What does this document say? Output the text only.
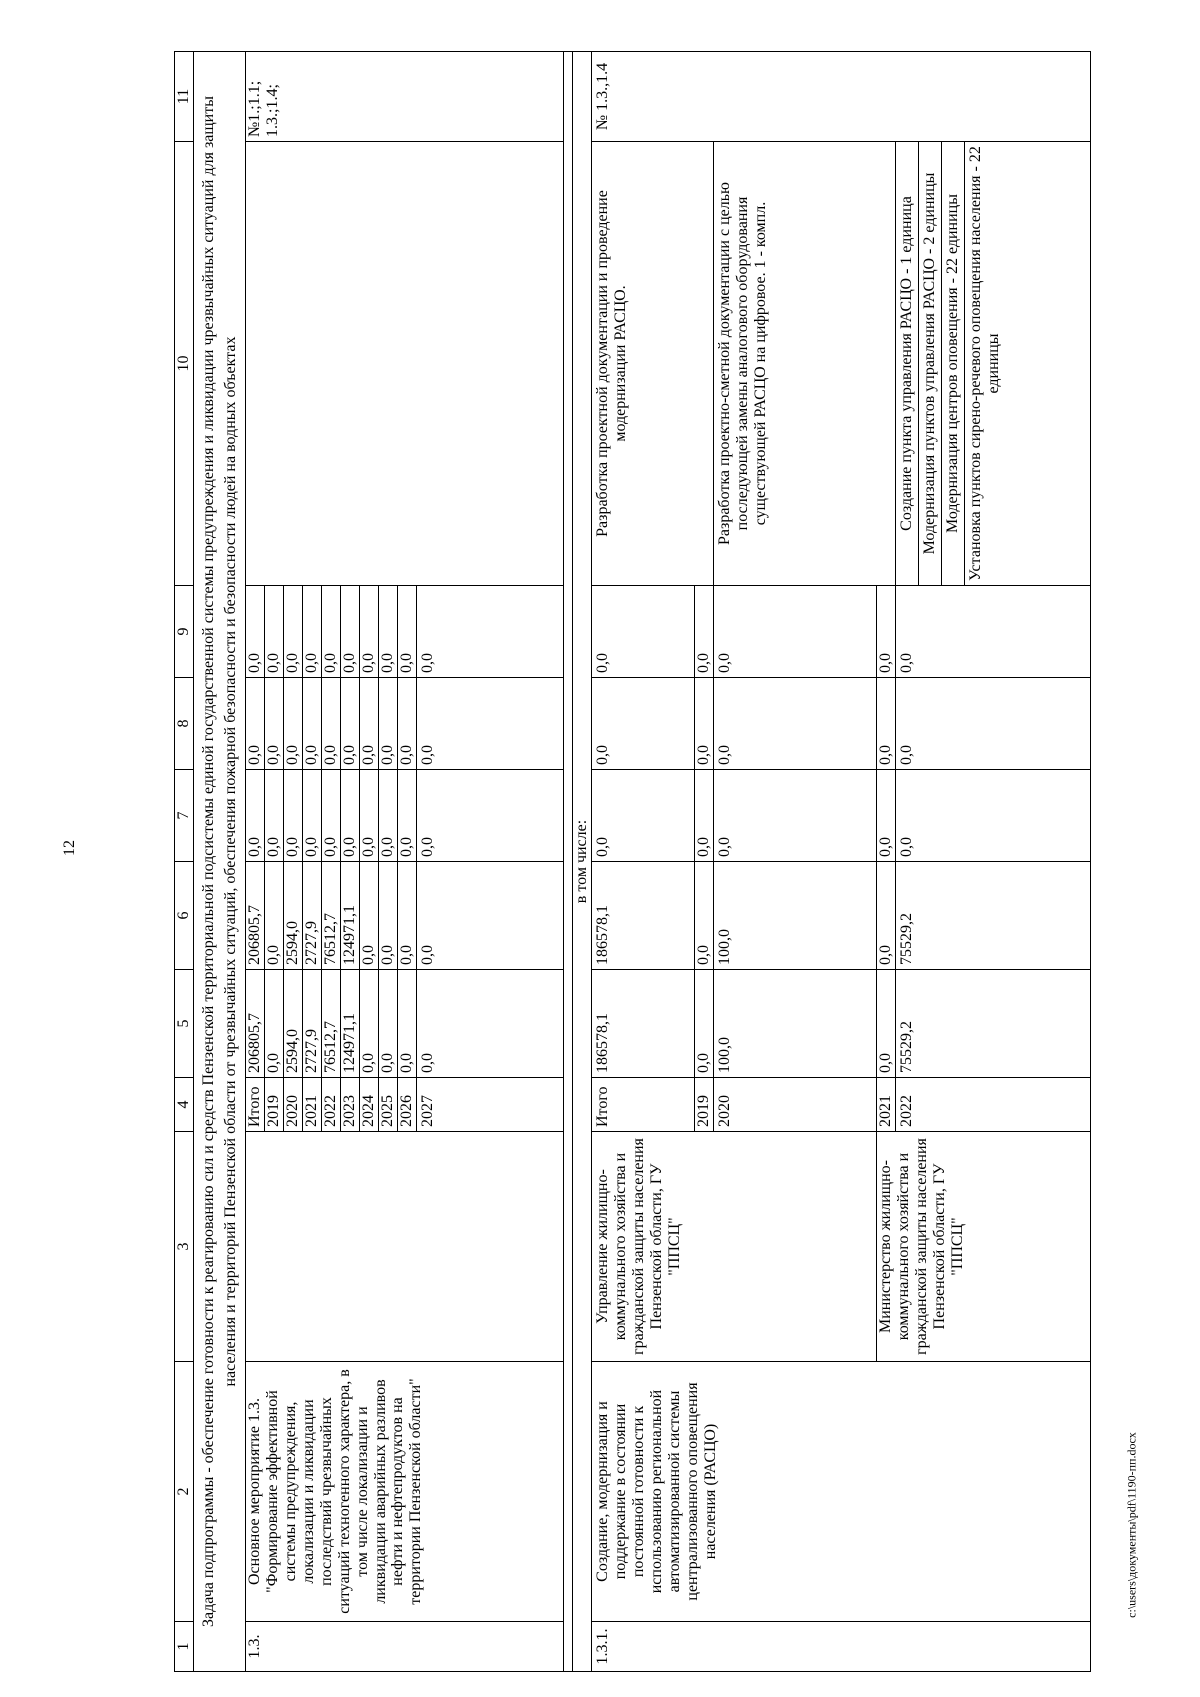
12
c:\users\документы\pdf\1190-пп.docx
1	2	3	4	5	6	7	8	9	10	11
Задача подпрограммы - обеспечение готовности к реагированию сил и средств Пензенской территориальной подсистемы единой государственной системы предупреждения и ликвидации чрезвычайных ситуаций для защиты населения и территорий Пензенской области от чрезвычайных ситуаций, обеспечения пожарной безопасности и безопасности людей на водных объектах										
1.3.	Основное мероприятие 1.3. "Формирование эффективной системы предупреждения, локализации и ликвидации последствий чрезвычайных ситуаций техногенного характера, в том числе локализации и ликвидации аварийных разливов нефти и нефтепродуктов на территории Пензенской области"		Итого	206805,7	206805,7	0,0	0,0	0,0		№1.;1.1; 1.3.;1.4;
			2019	0,0	0,0	0,0	0,0	0,0		
			2020	2594,0	2594,0	0,0	0,0	0,0		
			2021	2727,9	2727,9	0,0	0,0	0,0		
			2022	76512,7	76512,7	0,0	0,0	0,0		
			2023	124971,1	124971,1	0,0	0,0	0,0		
			2024	0,0	0,0	0,0	0,0	0,0		
			2025	0,0	0,0	0,0	0,0	0,0		
			2026	0,0	0,0	0,0	0,0	0,0		
			2027	0,0	0,0	0,0	0,0	0,0		

в том числе:										
1.3.1.	Создание, модернизация и поддержание в состоянии постоянной готовности к использованию региональной автоматизированной системы централизованного оповещения населения (РАСЦО)	Управление жилищно-коммунального хозяйства и гражданской защиты населения Пензенской области, ГУ "ППСЦ"	Итого	186578,1	186578,1	0,0	0,0	0,0	Разработка проектной документации и проведение модернизации РАСЦО.	№ 1.3.,1.4
			2019	0,0	0,0	0,0	0,0	0,0		
			2020	100,0	100,0	0,0	0,0	0,0	Разработка проектно-сметной документации с целью последующей замены аналогового оборудования существующей РАСЦО на цифровое. 1 - компл.	
		Министерство жилищно-коммунального хозяйства и гражданской защиты населения Пензенской области, ГУ "ППСЦ"	2021	0,0	0,0	0,0	0,0	0,0		
			2022	75529,2	75529,2	0,0	0,0	0,0	Создание пункта управления РАСЦО - 1 единица Модернизация пунктов управления РАСЦО - 2 единицы Модернизация центров оповещения - 22 единицы Установка пунктов сирено-речевого оповещения населения - 22 единицы	
